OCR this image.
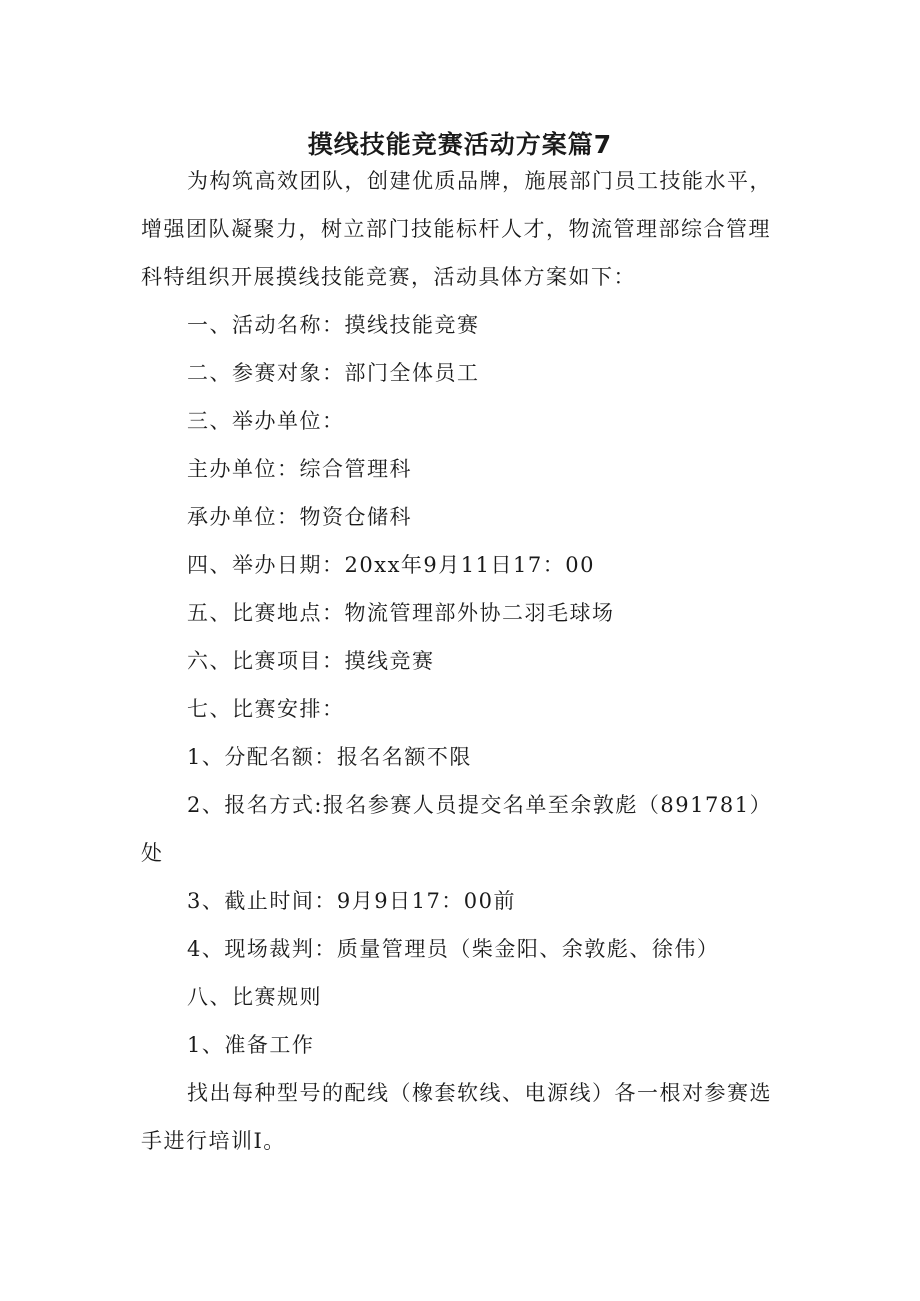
摸线技能竞赛活动方案篇7

为构筑高效团队，创建优质品牌，施展部门员工技能水平，增强团队凝聚力，树立部门技能标杆人才，物流管理部综合管理科特组织开展摸线技能竞赛，活动具体方案如下：

一、活动名称：摸线技能竞赛

二、参赛对象：部门全体员工

三、举办单位：

主办单位：综合管理科

承办单位：物资仓储科

四、举办日期：20xx年9月11日17：00

五、比赛地点：物流管理部外协二羽毛球场

六、比赛项目：摸线竞赛

七、比赛安排：

1、分配名额：报名名额不限

2、报名方式:报名参赛人员提交名单至余敦彪（891781）处

3、截止时间：9月9日17：00前

4、现场裁判：质量管理员（柴金阳、余敦彪、徐伟）

八、比赛规则

1、准备工作

找出每种型号的配线（橡套软线、电源线）各一根对参赛选手进行培训I。
